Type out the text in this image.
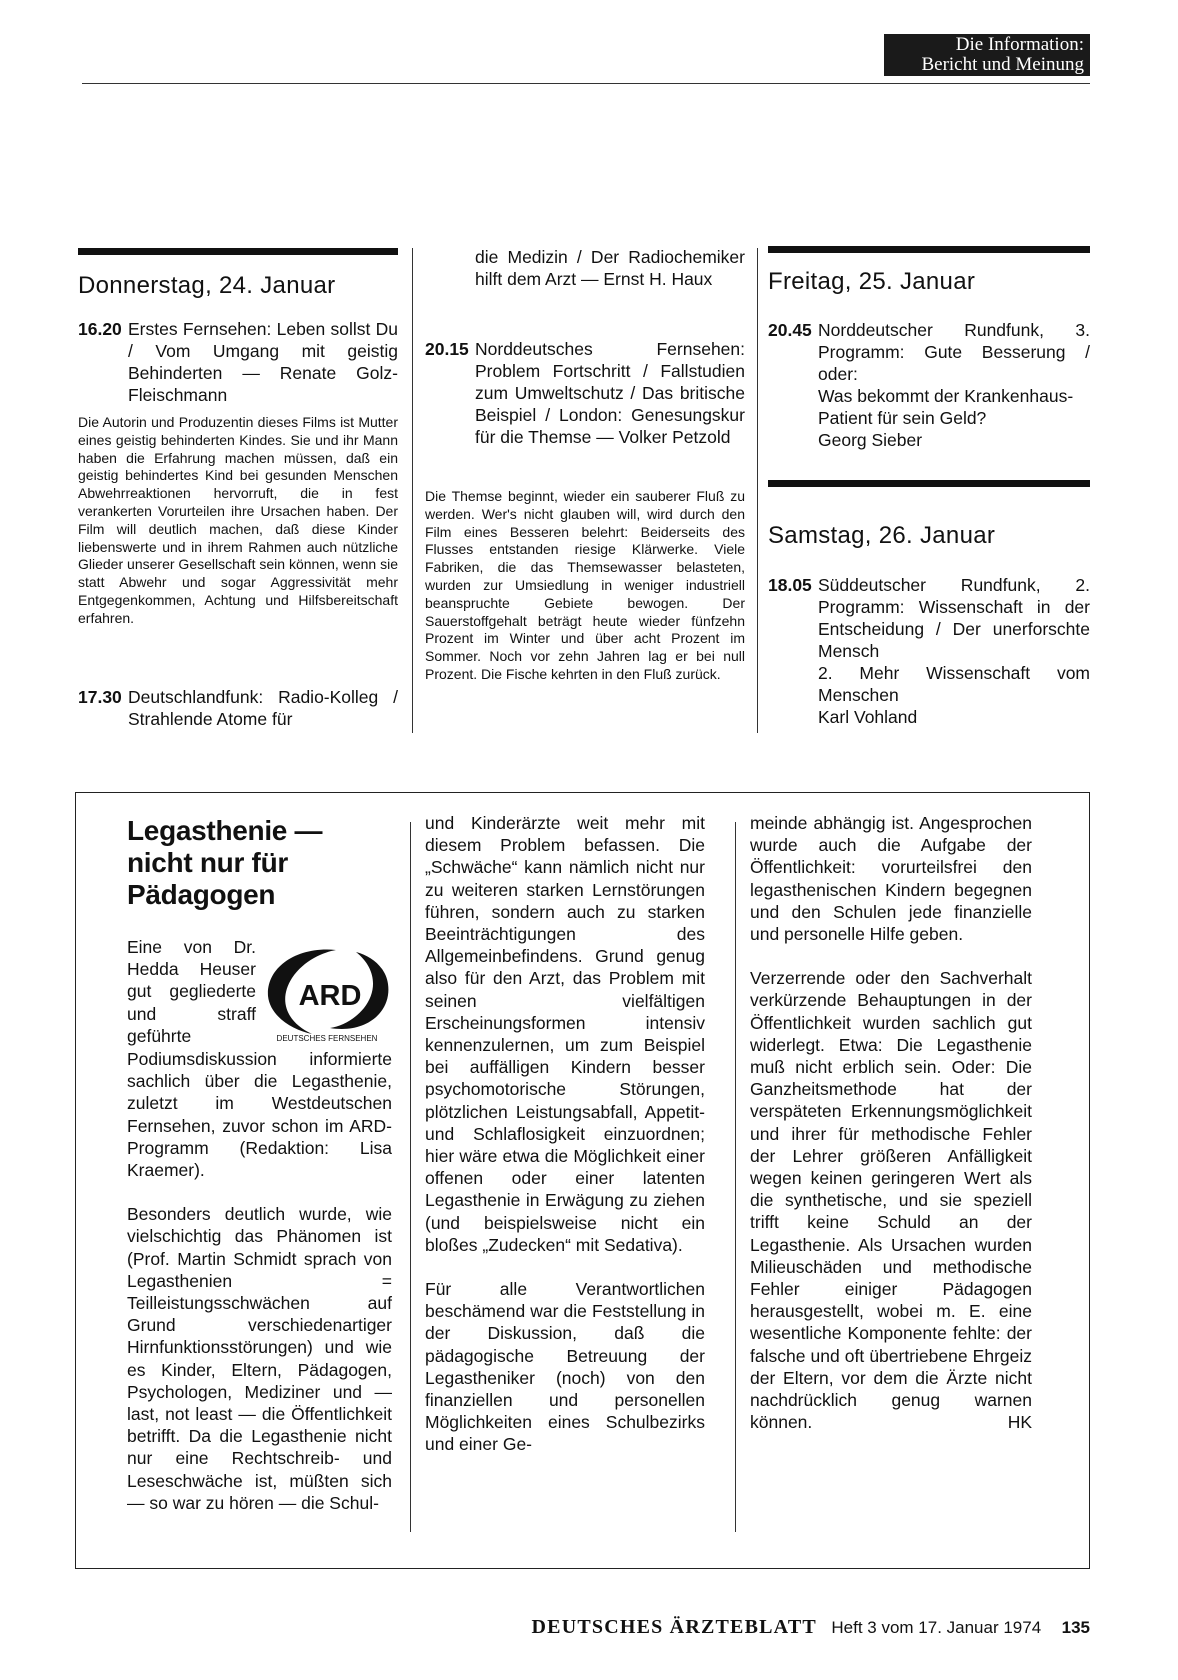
Die Information:
Bericht und Meinung
Donnerstag, 24. Januar
16.20 Erstes Fernsehen: Leben sollst Du / Vom Umgang mit geistig Behinderten — Renate Golz-Fleischmann
Die Autorin und Produzentin dieses Films ist Mutter eines geistig behinderten Kindes. Sie und ihr Mann haben die Erfahrung machen müssen, daß ein geistig behindertes Kind bei gesunden Menschen Abwehrreaktionen hervorruft, die in fest verankerten Vorurteilen ihre Ursachen haben. Der Film will deutlich machen, daß diese Kinder liebenswerte und in ihrem Rahmen auch nützliche Glieder unserer Gesellschaft sein können, wenn sie statt Abwehr und sogar Aggressivität mehr Entgegenkommen, Achtung und Hilfsbereitschaft erfahren.
17.30 Deutschlandfunk: Radio-Kolleg / Strahlende Atome für
die Medizin / Der Radiochemiker hilft dem Arzt — Ernst H. Haux
20.15 Norddeutsches Fernsehen: Problem Fortschritt / Fallstudien zum Umweltschutz / Das britische Beispiel / London: Genesungskur für die Themse — Volker Petzold
Die Themse beginnt, wieder ein sauberer Fluß zu werden. Wer's nicht glauben will, wird durch den Film eines Besseren belehrt: Beiderseits des Flusses entstanden riesige Klärwerke. Viele Fabriken, die das Themsewasser belasteten, wurden zur Umsiedlung in weniger industriell beanspruchte Gebiete bewogen. Der Sauerstoffgehalt beträgt heute wieder fünfzehn Prozent im Winter und über acht Prozent im Sommer. Noch vor zehn Jahren lag er bei null Prozent. Die Fische kehrten in den Fluß zurück.
Freitag, 25. Januar
20.45 Norddeutscher Rundfunk, 3. Programm: Gute Besserung / oder:
Was bekommt der Krankenhaus-Patient für sein Geld?
Georg Sieber
Samstag, 26. Januar
18.05 Süddeutscher Rundfunk, 2. Programm: Wissenschaft in der Entscheidung / Der unerforschte Mensch
2. Mehr Wissenschaft vom Menschen
Karl Vohland
Legasthenie — nicht nur für Pädagogen
ARD
DEUTSCHES FERNSEHEN

Eine von Dr. Hedda Heuser gut gegliederte und straff geführte Podiumsdiskussion informierte sachlich über die Legasthenie, zuletzt im Westdeutschen Fernsehen, zuvor schon im ARD-Programm (Redaktion: Lisa Kraemer).

Besonders deutlich wurde, wie vielschichtig das Phänomen ist (Prof. Martin Schmidt sprach von Legasthenien = Teilleistungsschwächen auf Grund verschiedenartiger Hirnfunktionsstörungen) und wie es Kinder, Eltern, Pädagogen, Psychologen, Mediziner und — last, not least — die Öffentlichkeit betrifft. Da die Legasthenie nicht nur eine Rechtschreib- und Leseschwäche ist, müßten sich — so war zu hören — die Schul-

und Kinderärzte weit mehr mit diesem Problem befassen. Die „Schwäche“ kann nämlich nicht nur zu weiteren starken Lernstörungen führen, sondern auch zu starken Beeinträchtigungen des Allgemeinbefindens. Grund genug also für den Arzt, das Problem mit seinen vielfältigen Erscheinungsformen intensiv kennenzulernen, um zum Beispiel bei auffälligen Kindern besser psychomotorische Störungen, plötzlichen Leistungsabfall, Appetit- und Schlaflosigkeit einzuordnen; hier wäre etwa die Möglichkeit einer offenen oder einer latenten Legasthenie in Erwägung zu ziehen (und beispielsweise nicht ein bloßes „Zudecken“ mit Sedativa).

Für alle Verantwortlichen beschämend war die Feststellung in der Diskussion, daß die pädagogische Betreuung der Legastheniker (noch) von den finanziellen und personellen Möglichkeiten eines Schulbezirks und einer Ge-

meinde abhängig ist. Angesprochen wurde auch die Aufgabe der Öffentlichkeit: vorurteilsfrei den legasthenischen Kindern begegnen und den Schulen jede finanzielle und personelle Hilfe geben.

Verzerrende oder den Sachverhalt verkürzende Behauptungen in der Öffentlichkeit wurden sachlich gut widerlegt. Etwa: Die Legasthenie muß nicht erblich sein. Oder: Die Ganzheitsmethode hat der verspäteten Erkennungsmöglichkeit und ihrer für methodische Fehler der Lehrer größeren Anfälligkeit wegen keinen geringeren Wert als die synthetische, und sie speziell trifft keine Schuld an der Legasthenie. Als Ursachen wurden Milieuschäden und methodische Fehler einiger Pädagogen herausgestellt, wobei m. E. eine wesentliche Komponente fehlte: der falsche und oft übertriebene Ehrgeiz der Eltern, vor dem die Ärzte nicht nachdrücklich genug warnen können.	HK
DEUTSCHES ÄRZTEBLATT Heft 3 vom 17. Januar 1974 135
